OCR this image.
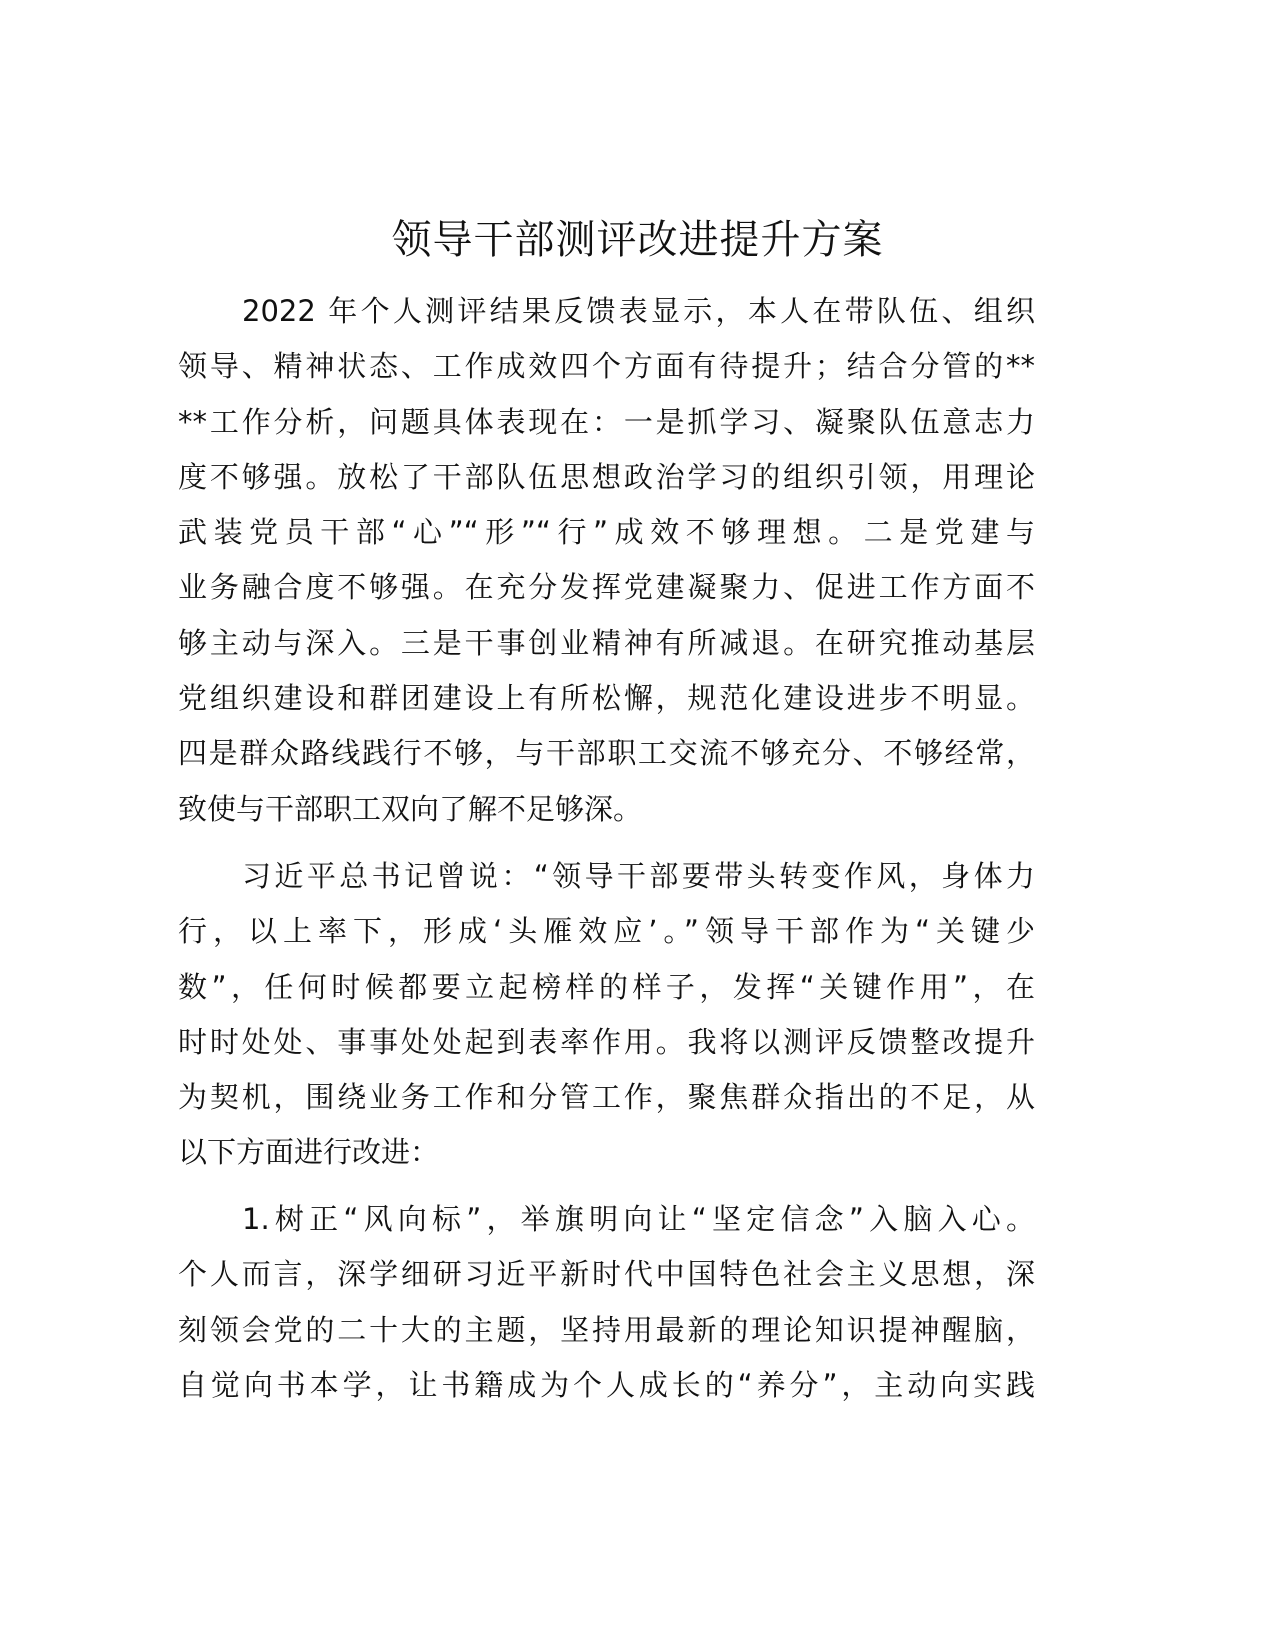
领导干部测评改进提升方案
2022 年个人测评结果反馈表显示，本人在带队伍、组织
领导、精神状态、工作成效四个方面有待提升；结合分管的**
**工作分析，问题具体表现在：一是抓学习、凝聚队伍意志力
度不够强。放松了干部队伍思想政治学习的组织引领，用理论
武装党员干部“心”“形”“行”成效不够理想。二是党建与
业务融合度不够强。在充分发挥党建凝聚力、促进工作方面不
够主动与深入。三是干事创业精神有所减退。在研究推动基层
党组织建设和群团建设上有所松懈，规范化建设进步不明显。
四是群众路线践行不够，与干部职工交流不够充分、不够经常，
致使与干部职工双向了解不足够深。
习近平总书记曾说：“领导干部要带头转变作风，身体力
行，以上率下，形成‘头雁效应’。”领导干部作为“关键少
数”，任何时候都要立起榜样的样子，发挥“关键作用”，在
时时处处、事事处处起到表率作用。我将以测评反馈整改提升
为契机，围绕业务工作和分管工作，聚焦群众指出的不足，从
以下方面进行改进：
1.树正“风向标”，举旗明向让“坚定信念”入脑入心。
个人而言，深学细研习近平新时代中国特色社会主义思想，深
刻领会党的二十大的主题，坚持用最新的理论知识提神醒脑，
自觉向书本学，让书籍成为个人成长的“养分”，主动向实践
